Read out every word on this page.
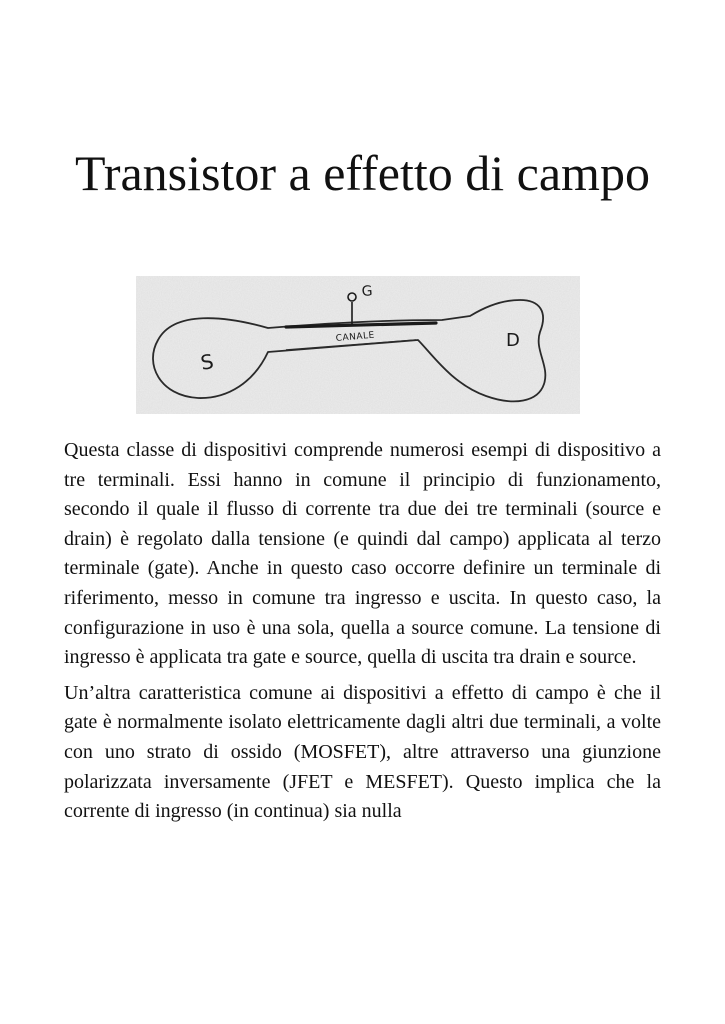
Transistor a effetto di campo
G
CANALE
S
D

Questa classe di dispositivi comprende numerosi esempi di dispositivo a tre terminali. Essi hanno in comune il principio di funzionamento, secondo il quale il flusso di corrente tra due dei tre terminali (source e drain) è regolato dalla tensione (e quindi dal campo) applicata al terzo terminale (gate). Anche in questo caso occorre definire un terminale di riferimento, messo in comune tra ingresso e uscita. In questo caso, la configurazione in uso è una sola, quella a source comune. La tensione di ingresso è applicata tra gate e source, quella di uscita tra drain e source.

Un’altra caratteristica comune ai dispositivi a effetto di campo è che il gate è normalmente isolato elettricamente dagli altri due terminali, a volte con uno strato di ossido (MOSFET), altre attraverso una giunzione polarizzata inversamente (JFET e MESFET). Questo implica che la corrente di ingresso (in continua) sia nulla
